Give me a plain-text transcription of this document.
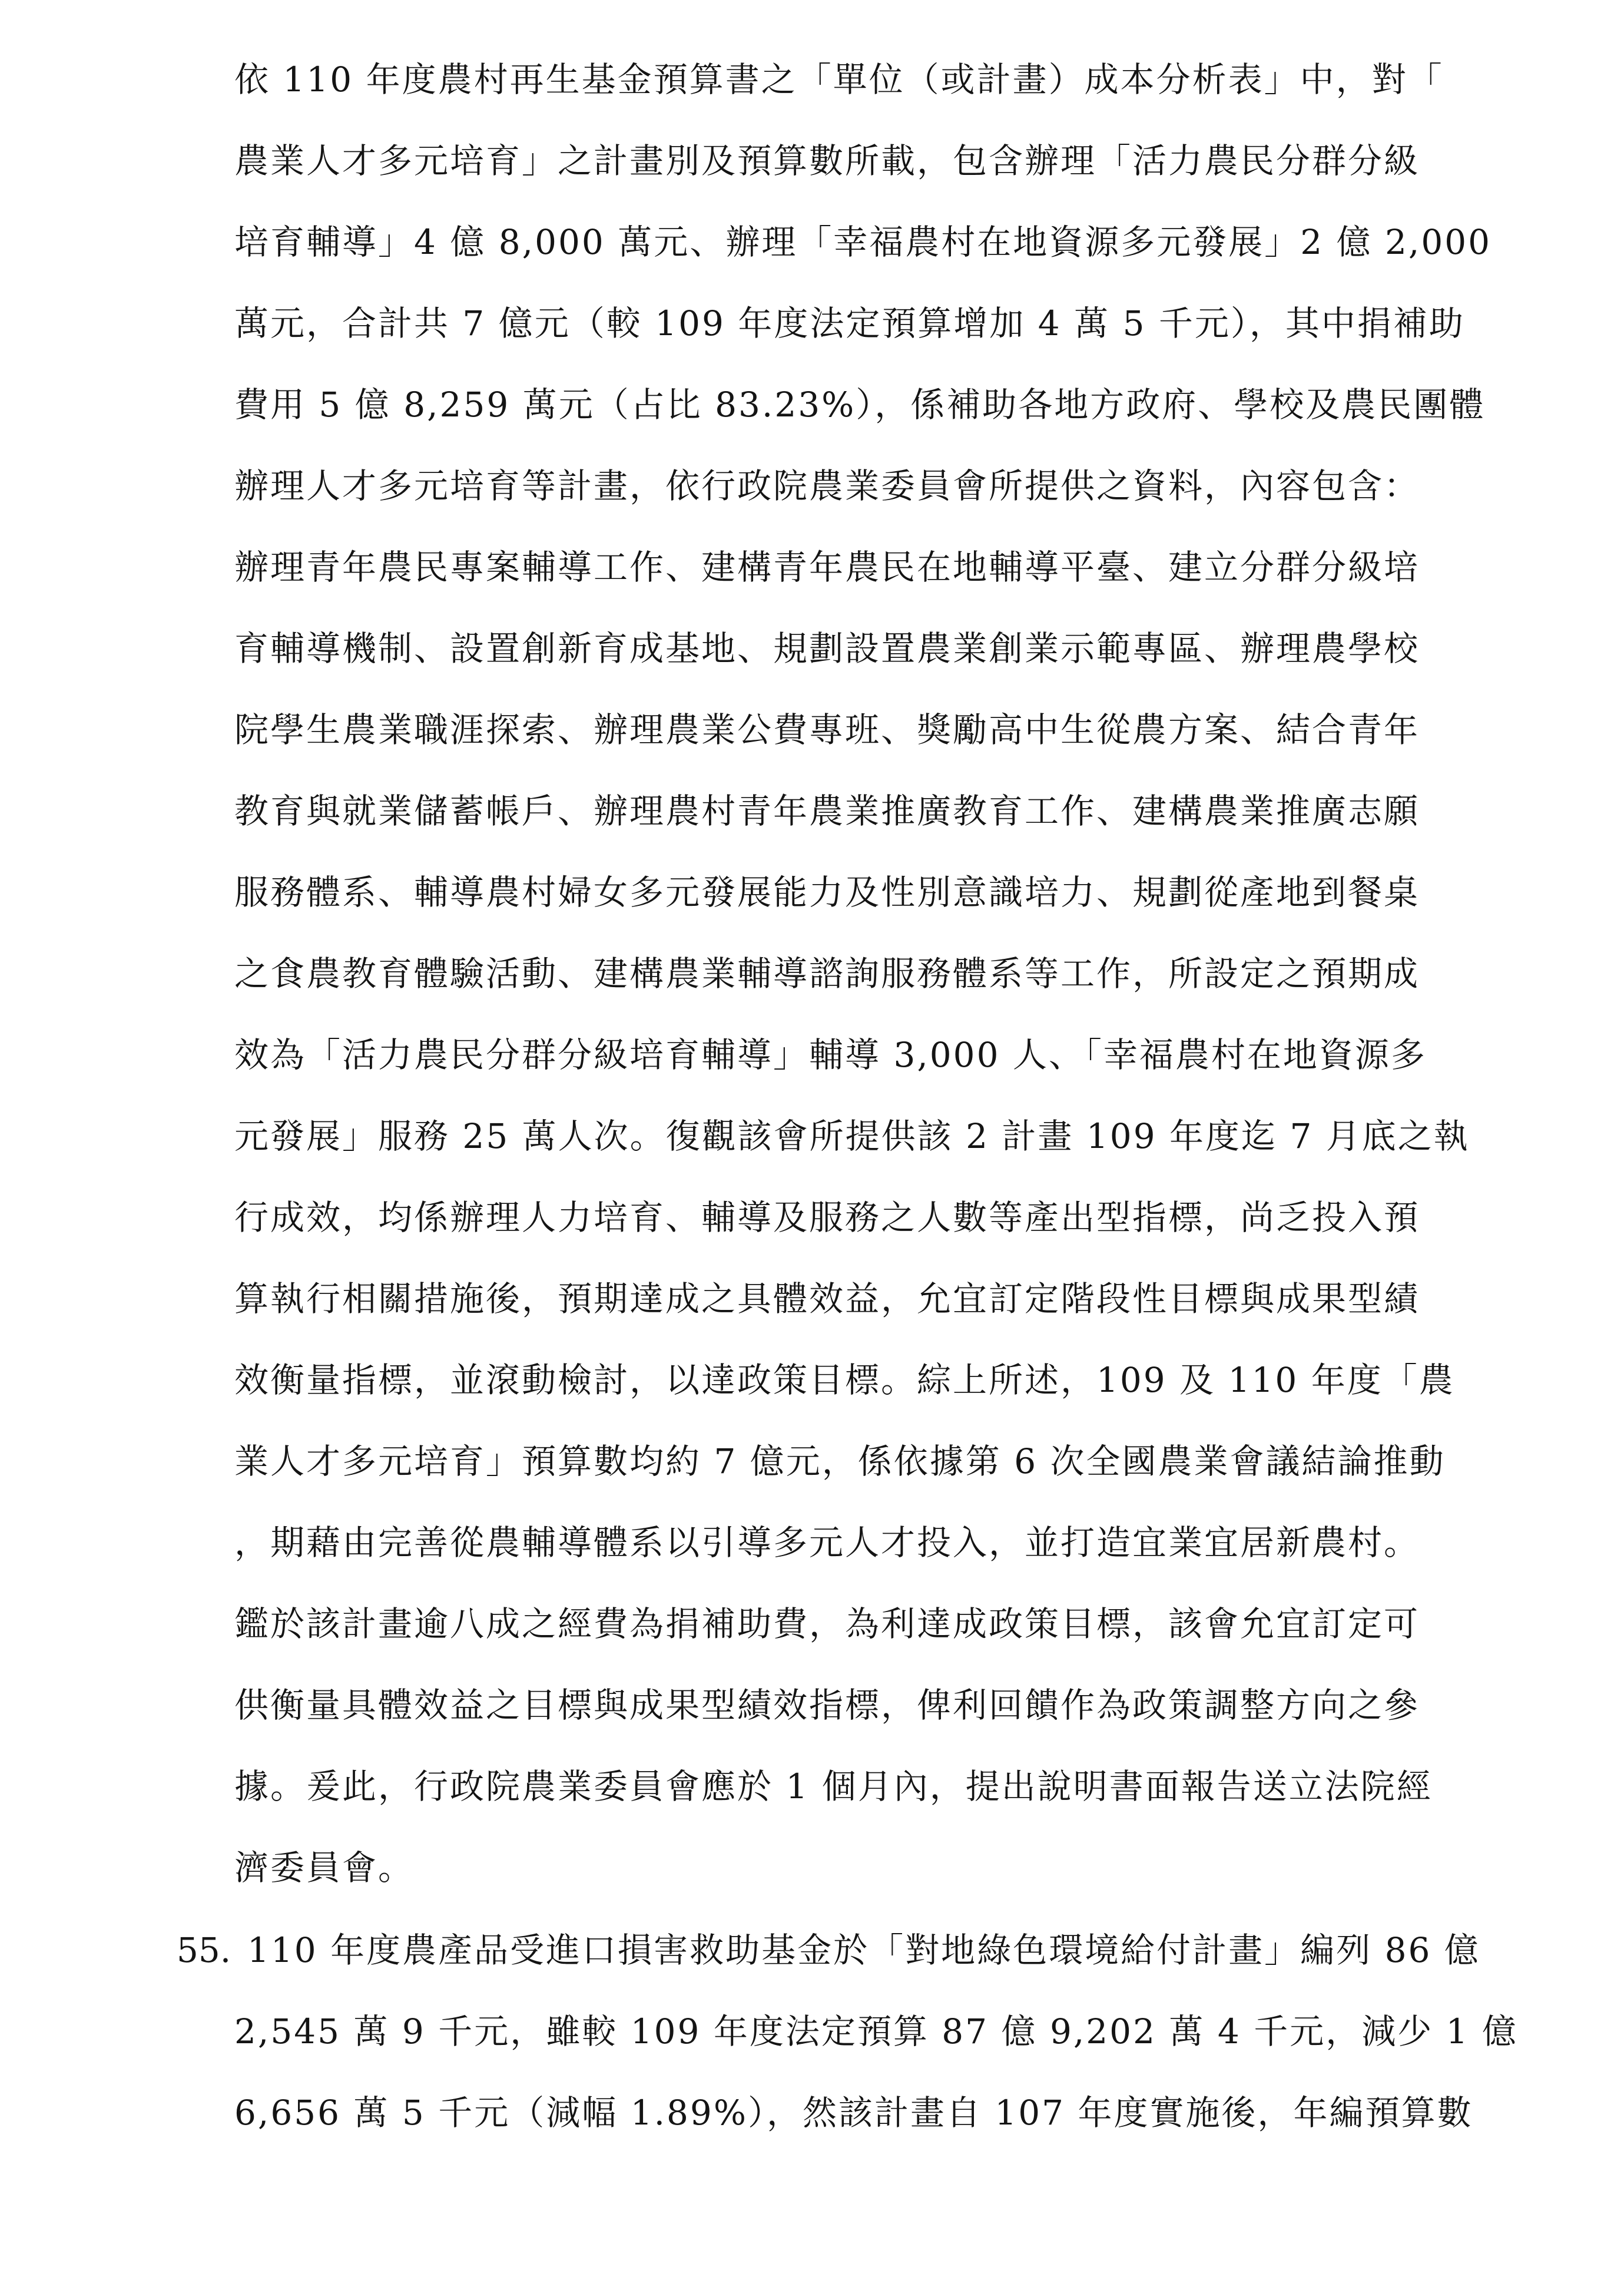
依 110 年度農村再生基金預算書之「單位（或計畫）成本分析表」中，對「
農業人才多元培育」之計畫別及預算數所載，包含辦理「活力農民分群分級
培育輔導」4 億 8,000 萬元、辦理「幸福農村在地資源多元發展」2 億 2,000
萬元，合計共 7 億元（較 109 年度法定預算增加 4 萬 5 千元），其中捐補助
費用 5 億 8,259 萬元（占比 83.23%），係補助各地方政府、學校及農民團體
辦理人才多元培育等計畫，依行政院農業委員會所提供之資料，內容包含：
辦理青年農民專案輔導工作、建構青年農民在地輔導平臺、建立分群分級培
育輔導機制、設置創新育成基地、規劃設置農業創業示範專區、辦理農學校
院學生農業職涯探索、辦理農業公費專班、獎勵高中生從農方案、結合青年
教育與就業儲蓄帳戶、辦理農村青年農業推廣教育工作、建構農業推廣志願
服務體系、輔導農村婦女多元發展能力及性別意識培力、規劃從產地到餐桌
之食農教育體驗活動、建構農業輔導諮詢服務體系等工作，所設定之預期成
效為「活力農民分群分級培育輔導」輔導 3,000 人、「幸福農村在地資源多
元發展」服務 25 萬人次。復觀該會所提供該 2 計畫 109 年度迄 7 月底之執
行成效，均係辦理人力培育、輔導及服務之人數等產出型指標，尚乏投入預
算執行相關措施後，預期達成之具體效益，允宜訂定階段性目標與成果型績
效衡量指標，並滾動檢討，以達政策目標。綜上所述，109 及 110 年度「農
業人才多元培育」預算數均約 7 億元，係依據第 6 次全國農業會議結論推動
，期藉由完善從農輔導體系以引導多元人才投入，並打造宜業宜居新農村。
鑑於該計畫逾八成之經費為捐補助費，為利達成政策目標，該會允宜訂定可
供衡量具體效益之目標與成果型績效指標，俾利回饋作為政策調整方向之參
據。爰此，行政院農業委員會應於 1 個月內，提出說明書面報告送立法院經
濟委員會。
55. 110 年度農產品受進口損害救助基金於「對地綠色環境給付計畫」編列 86 億
2,545 萬 9 千元，雖較 109 年度法定預算 87 億 9,202 萬 4 千元，減少 1 億
6,656 萬 5 千元（減幅 1.89%），然該計畫自 107 年度實施後，年編預算數
